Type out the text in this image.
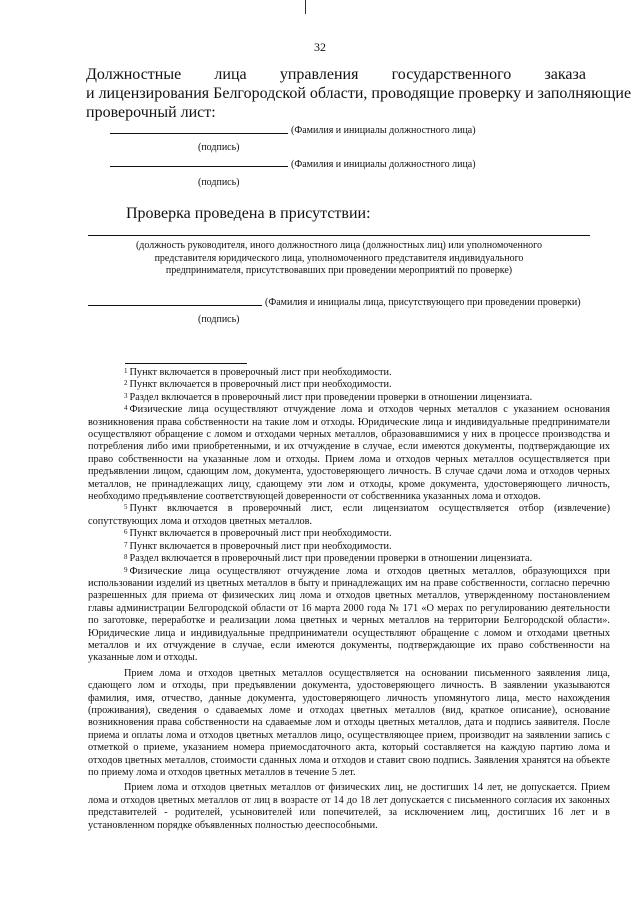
32
Должностные лица управления государственного заказа
и лицензирования Белгородской области, проводящие проверку и заполняющие
проверочный лист:
(Фамилия и инициалы должностного лица)
(подпись)
(Фамилия и инициалы должностного лица)
(подпись)
Проверка проведена в присутствии:
(должность руководителя, иного должностного лица (должностных лиц) или уполномоченного
представителя юридического лица, уполномоченного представителя индивидуального
предпринимателя, присутствовавших при проведении мероприятий по проверке)
(Фамилия и инициалы лица, присутствующего при проведении проверки)
(подпись)

$^1$ Пункт включается в проверочный лист при необходимости.

$^2$ Пункт включается в проверочный лист при необходимости.

$^3$ Раздел включается в проверочный лист при проведении проверки в отношении лицензиата.

$^4$ Физические лица осуществляют отчуждение лома и отходов черных металлов с указанием основания возникновения права собственности на такие лом и отходы. Юридические лица и индивидуальные предприниматели осуществляют обращение с ломом и отходами черных металлов, образовавшимися у них в процессе производства и потребления либо ими приобретенными, и их отчуждение в случае, если имеются документы, подтверждающие их право собственности на указанные лом и отходы. Прием лома и отходов черных металлов осуществляется при предъявлении лицом, сдающим лом, документа, удостоверяющего личность. В случае сдачи лома и отходов черных металлов, не принадлежащих лицу, сдающему эти лом и отходы, кроме документа, удостоверяющего личность, необходимо предъявление соответствующей доверенности от собственника указанных лома и отходов.

$^5$ Пункт включается в проверочный лист, если лицензиатом осуществляется отбор (извлечение) сопутствующих лома и отходов цветных металлов.

$^6$ Пункт включается в проверочный лист при необходимости.

$^7$ Пункт включается в проверочный лист при необходимости.

$^8$ Раздел включается в проверочный лист при проведении проверки в отношении лицензиата.

$^9$ Физические лица осуществляют отчуждение лома и отходов цветных металлов, образующихся при использовании изделий из цветных металлов в быту и принадлежащих им на праве собственности, согласно перечню разрешенных для приема от физических лиц лома и отходов цветных металлов, утвержденному постановлением главы администрации Белгородской области от 16 марта 2000 года № 171 «О мерах по регулированию деятельности по заготовке, переработке и реализации лома цветных и черных металлов на территории Белгородской области». Юридические лица и индивидуальные предприниматели осуществляют обращение с ломом и отходами цветных металлов и их отчуждение в случае, если имеются документы, подтверждающие их право собственности на указанные лом и отходы.

Прием лома и отходов цветных металлов осуществляется на основании письменного заявления лица, сдающего лом и отходы, при предъявлении документа, удостоверяющего личность. В заявлении указываются фамилия, имя, отчество, данные документа, удостоверяющего личность упомянутого лица, место нахождения (проживания), сведения о сдаваемых ломе и отходах цветных металлов (вид, краткое описание), основание возникновения права собственности на сдаваемые лом и отходы цветных металлов, дата и подпись заявителя. После приема и оплаты лома и отходов цветных металлов лицо, осуществляющее прием, производит на заявлении запись с отметкой о приеме, указанием номера приемосдаточного акта, который составляется на каждую партию лома и отходов цветных металлов, стоимости сданных лома и отходов и ставит свою подпись. Заявления хранятся на объекте по приему лома и отходов цветных металлов в течение 5 лет.

Прием лома и отходов цветных металлов от физических лиц, не достигших 14 лет, не допускается. Прием лома и отходов цветных металлов от лиц в возрасте от 14 до 18 лет допускается с письменного согласия их законных представителей - родителей, усыновителей или попечителей, за исключением лиц, достигших 16 лет и в установленном порядке объявленных полностью дееспособными.
